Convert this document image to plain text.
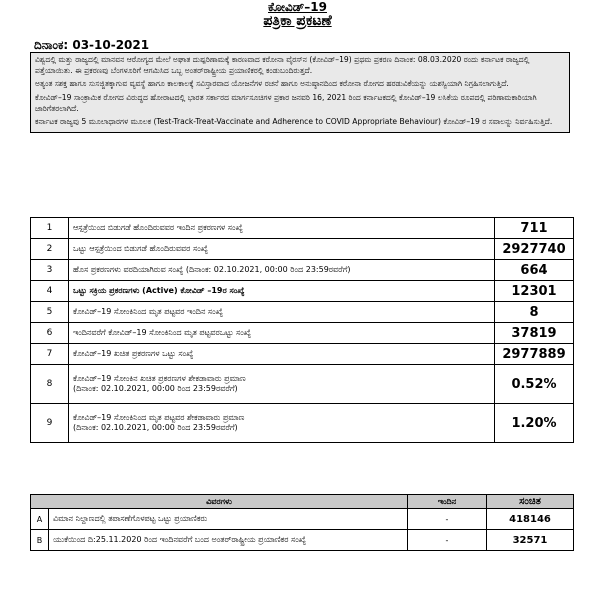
ಕೋವಿಡ್–19
ಪತ್ರಿಕಾ ಪ್ರಕಟಣೆ
ದಿನಾಂಕ: 03-10-2021

ವಿಶ್ವದಲ್ಲಿ ಮತ್ತು ರಾಜ್ಯದಲ್ಲಿ ಮಾನವನ ಆರೋಗ್ಯದ ಮೇಲೆ ಅಘಾತ ದುಷ್ಪರಿಣಾಮಕ್ಕೆ ಕಾರಣವಾದ ಕರೋನಾ ವೈರಸ್‌ನ (ಕೋವಿಡ್–19) ಪ್ರಥಮ ಪ್ರಕರಣ ದಿನಾಂಕ: 08.03.2020 ರಂದು ಕರ್ನಾಟಕ ರಾಜ್ಯದಲ್ಲಿ ಪತ್ತೆಯಾಯಿತು. ಈ ಪ್ರಕರಣವು ಬೆಂಗಳೂರಿಗೆ ಆಗಮಿಸಿದ ಒಬ್ಬ ಅಂತರ್‌ರಾಷ್ಟ್ರೀಯ ಪ್ರಯಾಣಿಕರಲ್ಲಿ ಕಂಡುಬಂದಿರುತ್ತದೆ.

ಅತ್ಯಂತ ಸಶಕ್ತ ಹಾಗೂ ಸುಸಜ್ಜಿತಕ್ಕಾಗುವ ವ್ಯವಸ್ಥೆ ಹಾಗೂ ಕಾಲಕಾಲಕ್ಕೆ ಸವಿಸ್ತಾರವಾದ ಯೋಜನೆಗಳ ರಚನೆ ಹಾಗೂ ಅನುಷ್ಠಾನದಿಂದ ಕರೋನಾ ರೋಗದ ಹರಡುವಿಕೆಯನ್ನು ಯಶಸ್ವಿಯಾಗಿ ನಿಗ್ರಹಿಸಲಾಗುತ್ತಿದೆ.

ಕೋವಿಡ್–19 ಸಾಂಕ್ರಾಮಿಕ ರೋಗದ ವಿರುದ್ಧದ ಹೋರಾಟದಲ್ಲಿ ಭಾರತ ಸರ್ಕಾರದ ಮಾರ್ಗಸೂಚಿಗಳ ಪ್ರಕಾರ ಜನವರಿ 16, 2021 ರಿಂದ ಕರ್ನಾಟಕದಲ್ಲಿ ಕೋವಿಡ್–19 ಲಸಿಕೆಯ ರೂಪದಲ್ಲಿ ಪರಿಣಾಮಕಾರಿಯಾಗಿ ಜಾರಿಗೆತರಲಾಗಿದೆ.

ಕರ್ನಾಟಕ ರಾಜ್ಯವು 5 ಮೂಲಾಧಾರಗಳ ಮೂಲಕ (Test-Track-Treat-Vaccinate and Adherence to COVID Appropriate Behaviour) ಕೋವಿಡ್–19 ರ ಸವಾಲನ್ನು ನಿರ್ವಹಿಸುತ್ತಿದೆ.

1	ಆಸ್ಪತ್ರೆಯಿಂದ ಬಿಡುಗಡೆ ಹೊಂದಿರುವವರ ಇಂದಿನ ಪ್ರಕರಣಗಳ ಸಂಖ್ಯೆ	711
2	ಒಟ್ಟು ಆಸ್ಪತ್ರೆಯಿಂದ ಬಿಡುಗಡೆ ಹೊಂದಿರುವವರ ಸಂಖ್ಯೆ	2927740
3	ಹೊಸ ಪ್ರಕರಣಗಳು ವರದಿಯಾಗಿರುವ ಸಂಖ್ಯೆ (ದಿನಾಂಕ: 02.10.2021, 00:00 ರಿಂದ 23:59ರವರೆಗೆ)	664
4	ಒಟ್ಟು ಸಕ್ರಿಯ ಪ್ರಕರಣಗಳು (Active) ಕೋವಿಡ್ –19ರ ಸಂಖ್ಯೆ	12301
5	ಕೋವಿಡ್–19 ಸೋಂಕಿನಿಂದ ಮೃತ ಪಟ್ಟವರ ಇಂದಿನ ಸಂಖ್ಯೆ	8
6	ಇಂದಿನವರೆಗೆ ಕೋವಿಡ್–19 ಸೋಂಕಿನಿಂದ ಮೃತ ಪಟ್ಟವರಒಟ್ಟು ಸಂಖ್ಯೆ	37819
7	ಕೋವಿಡ್–19 ಖಚಿತ ಪ್ರಕರಣಗಳ ಒಟ್ಟು ಸಂಖ್ಯೆ	2977889
8	ಕೋವಿಡ್–19 ಸೋಂಕಿನ ಖಚಿತ ಪ್ರಕರಣಗಳ ಶೇಕಡಾವಾರು ಪ್ರಮಾಣ
(ದಿನಾಂಕ: 02.10.2021, 00:00 ರಿಂದ 23:59ರವರೆಗೆ)	0.52%
9	ಕೋವಿಡ್–19 ಸೋಂಕಿನಿಂದ ಮೃತ ಪಟ್ಟವರ ಶೇಕಡಾವಾರು ಪ್ರಮಾಣ
(ದಿನಾಂಕ: 02.10.2021, 00:00 ರಿಂದ 23:59ರವರೆಗೆ)	1.20%
ವಿವರಗಳು		ಇಂದಿನ	ಸಂಚಿತ
A	ವಿಮಾನ ನಿಲ್ದಾಣದಲ್ಲಿ ತಪಾಸಣೆಗೊಳಪಟ್ಟ ಒಟ್ಟು ಪ್ರಯಾಣಿಕರು	-	418146
B	ಯುಕೆಯಿಂದ ದಿ:25.11.2020 ರಿಂದ ಇಂದಿನವರೆಗೆ ಬಂದ ಅಂತರ್‌ರಾಷ್ಟ್ರೀಯ ಪ್ರಯಾಣಿಕರ ಸಂಖ್ಯೆ	-	32571
